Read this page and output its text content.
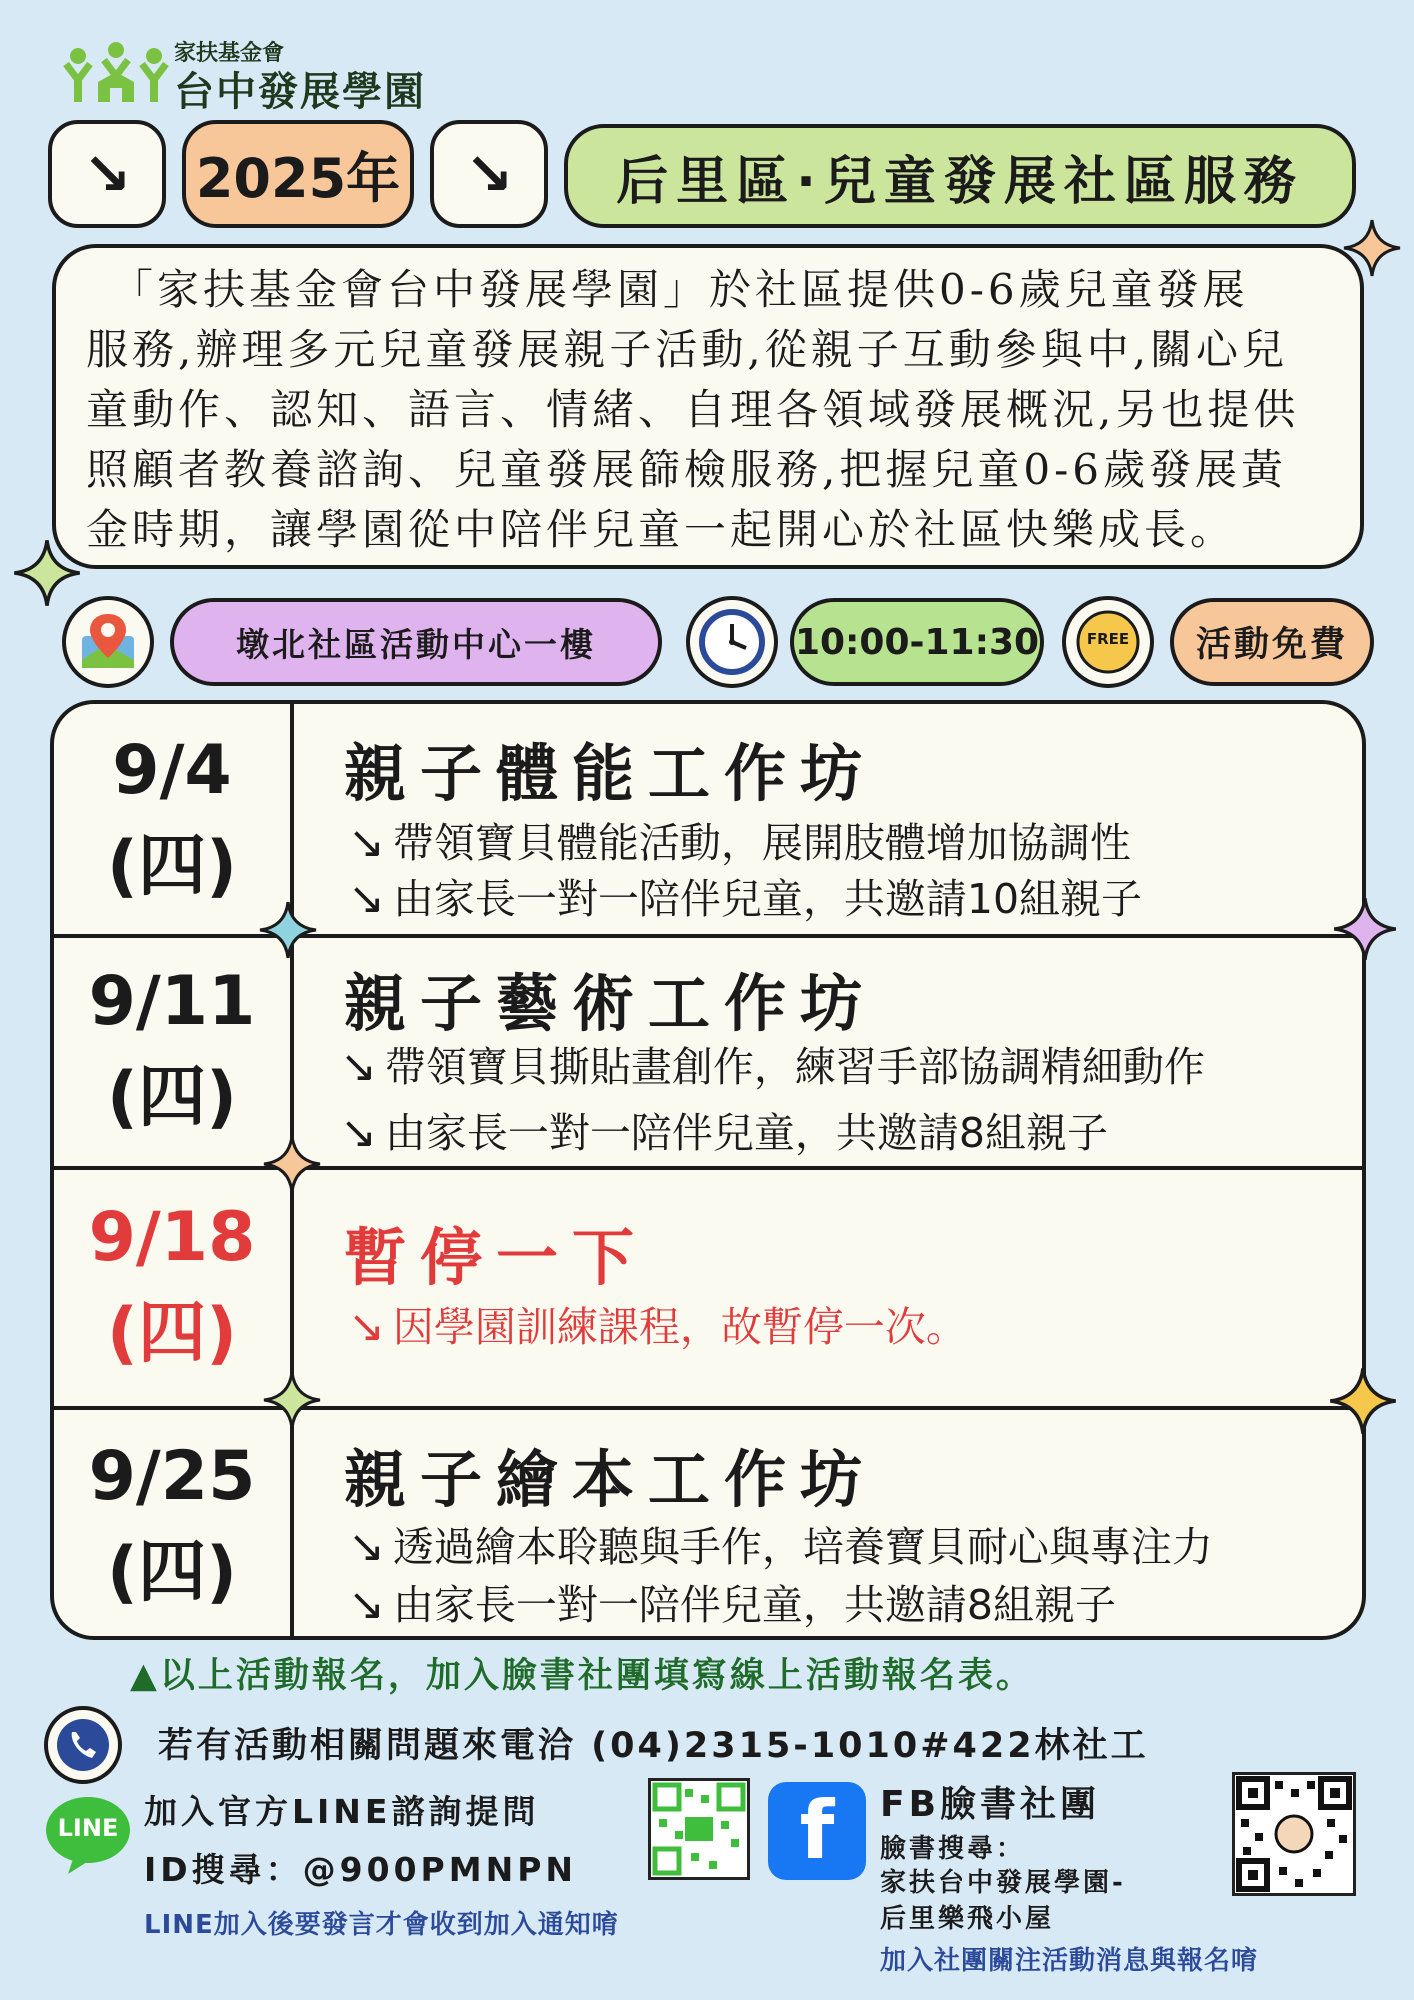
家扶基金會
台中發展學園
↘	2025年	↘	后里區·兒童發展社區服務
　「家扶基金會台中發展學園」於社區提供0-6歲兒童發展
服務,辦理多元兒童發展親子活動,從親子互動參與中,關心兒
童動作、認知、語言、情緒、自理各領域發展概況,另也提供
照顧者教養諮詢、兒童發展篩檢服務,把握兒童0-6歲發展黃
金時期，讓學園從中陪伴兒童一起開心於社區快樂成長。
墩北社區活動中心一樓	10:00-11:30	FREE	活動免費
9/4
(四)
親子體能工作坊
↘ 帶領寶貝體能活動，展開肢體增加協調性
↘ 由家長一對一陪伴兒童，共邀請10組親子
9/11
(四)
親子藝術工作坊
↘ 帶領寶貝撕貼畫創作，練習手部協調精細動作
↘ 由家長一對一陪伴兒童，共邀請8組親子
9/18
(四)
暫停一下
↘ 因學園訓練課程，故暫停一次。
9/25
(四)
親子繪本工作坊
↘ 透過繪本聆聽與手作，培養寶貝耐心與專注力
↘ 由家長一對一陪伴兒童，共邀請8組親子
▲以上活動報名，加入臉書社團填寫線上活動報名表。
若有活動相關問題來電洽 (04)2315-1010#422林社工
LINE 加入官方LINE諮詢提問
ID搜尋：@900PMNPN
LINE加入後要發言才會收到加入通知唷
f	FB臉書社團
臉書搜尋：
家扶台中發展學園-
后里樂飛小屋
加入社團關注活動消息與報名唷
